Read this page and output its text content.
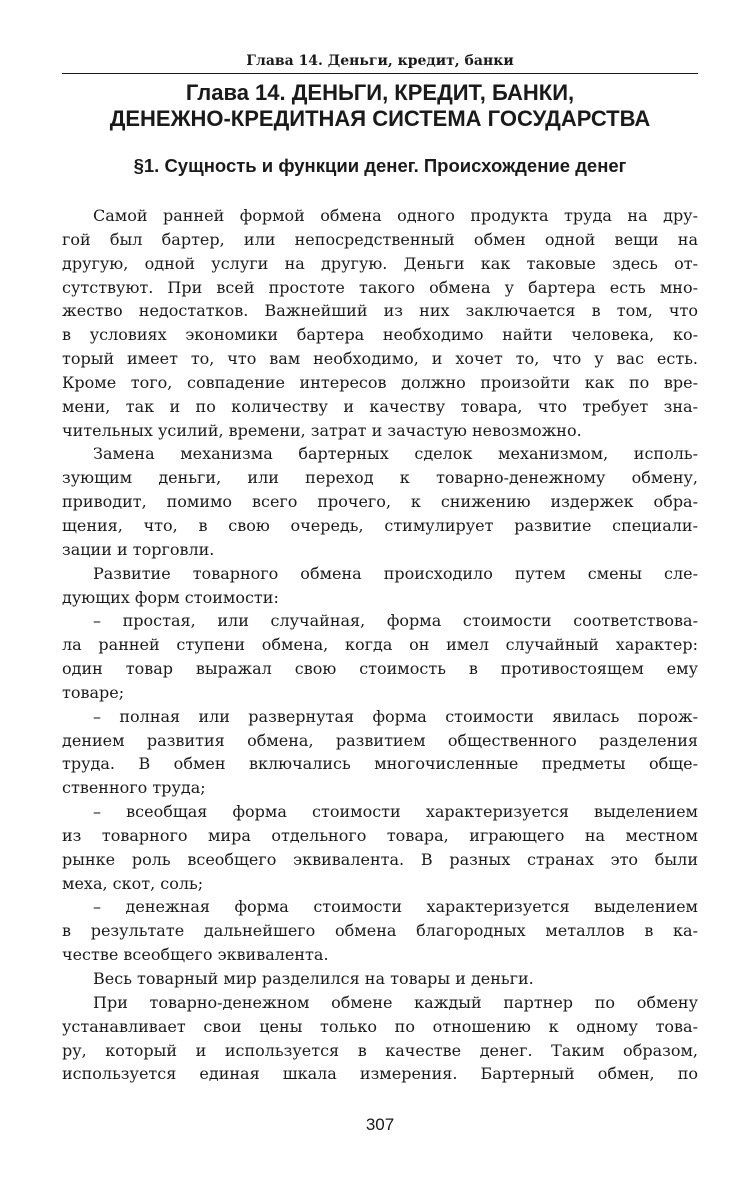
Глава 14. Деньги, кредит, банки
Глава 14. ДЕНЬГИ, КРЕДИТ, БАНКИ,
ДЕНЕЖНО-КРЕДИТНАЯ СИСТЕМА ГОСУДАРСТВА
§1. Сущность и функции денег. Происхождение денег
Самой ранней формой обмена одного продукта труда на дру-
гой был бартер, или непосредственный обмен одной вещи на
другую, одной услуги на другую. Деньги как таковые здесь от-
сутствуют. При всей простоте такого обмена у бартера есть мно-
жество недостатков. Важнейший из них заключается в том, что
в условиях экономики бартера необходимо найти человека, ко-
торый имеет то, что вам необходимо, и хочет то, что у вас есть.
Кроме того, совпадение интересов должно произойти как по вре-
мени, так и по количеству и качеству товара, что требует зна-
чительных усилий, времени, затрат и зачастую невозможно.
Замена механизма бартерных сделок механизмом, исполь-
зующим деньги, или переход к товарно-денежному обмену,
приводит, помимо всего прочего, к снижению издержек обра-
щения, что, в свою очередь, стимулирует развитие специали-
зации и торговли.
Развитие товарного обмена происходило путем смены сле-
дующих форм стоимости:
– простая, или случайная, форма стоимости соответствова-
ла ранней ступени обмена, когда он имел случайный характер:
один товар выражал свою стоимость в противостоящем ему
товаре;
– полная или развернутая форма стоимости явилась порож-
дением развития обмена, развитием общественного разделения
труда. В обмен включались многочисленные предметы обще-
ственного труда;
– всеобщая форма стоимости характеризуется выделением
из товарного мира отдельного товара, играющего на местном
рынке роль всеобщего эквивалента. В разных странах это были
меха, скот, соль;
– денежная форма стоимости характеризуется выделением
в результате дальнейшего обмена благородных металлов в ка-
честве всеобщего эквивалента.
Весь товарный мир разделился на товары и деньги.
При товарно-денежном обмене каждый партнер по обмену
устанавливает свои цены только по отношению к одному това-
ру, который и используется в качестве денег. Таким образом,
используется единая шкала измерения. Бартерный обмен, по
307
